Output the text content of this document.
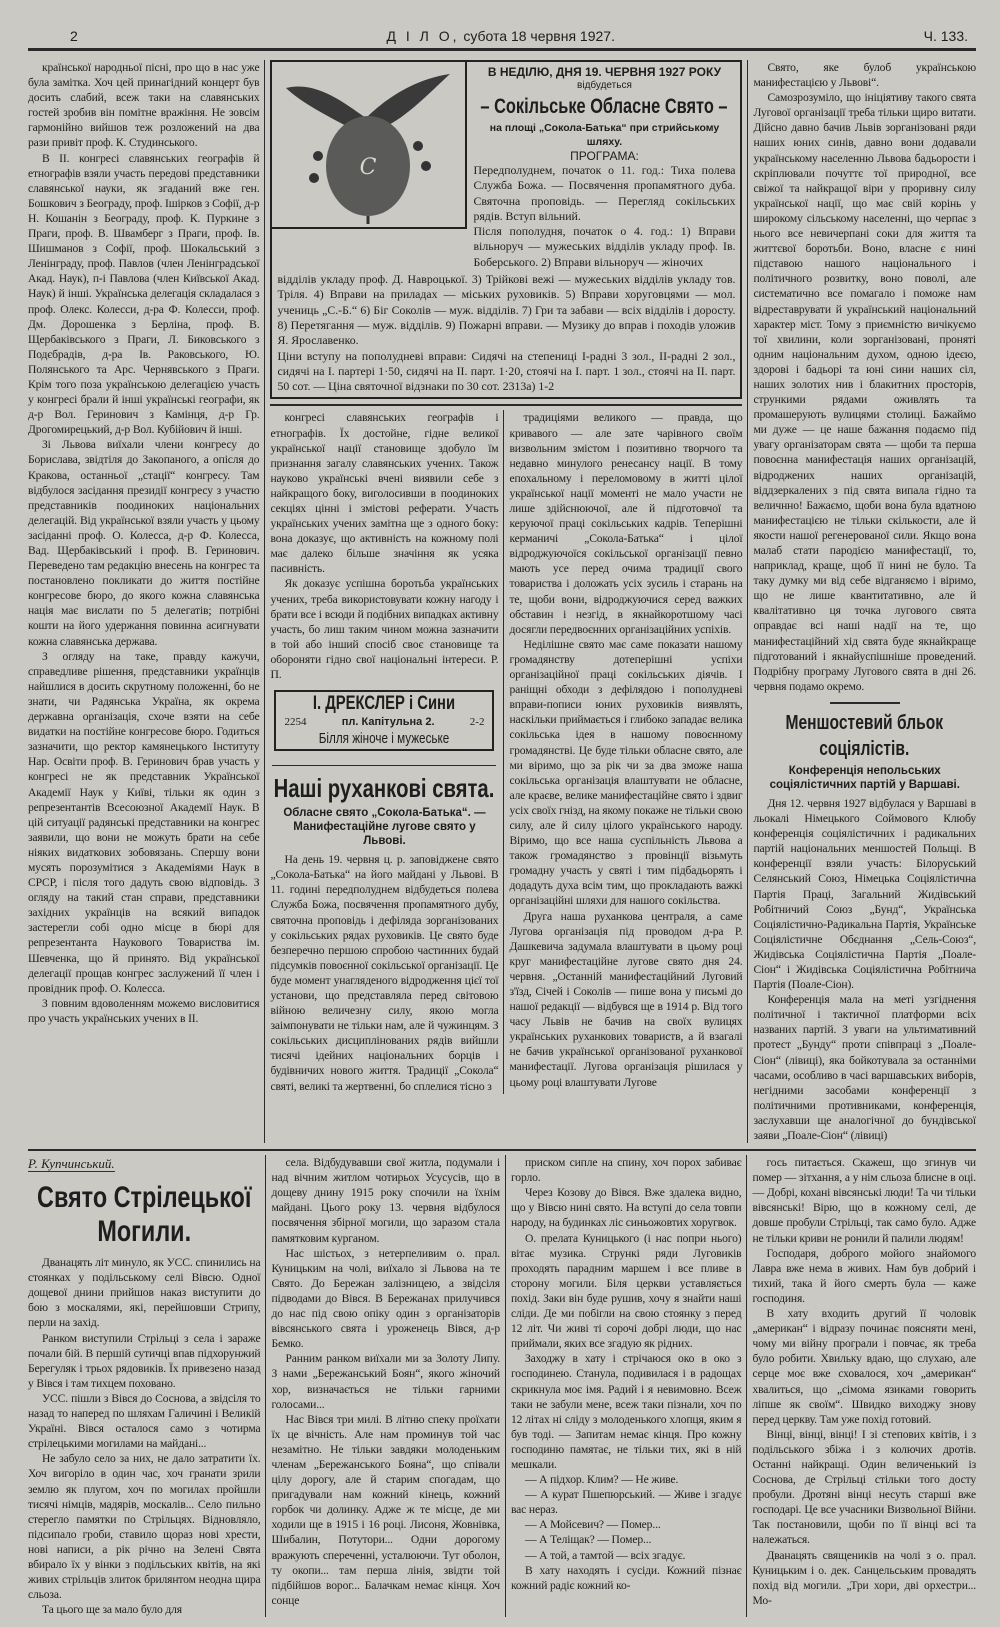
2	Д І Л О, субота 18 червня 1927.	Ч. 133.

країнської народньої пісні, про що в нас уже була замітка. Хоч цей принагідний концерт був досить слабий, всеж таки на славянських гостей зробив він помітне вражіння. Не зовсім гармонійно вийшов теж розложений на два рази привіт проф. К. Студинського.

В II. конгресі славянських географів й етнографів взяли участь передові представники славянської науки, як згаданий вже ген. Бошкович з Београду, проф. Ішірков з Софії, д-р Н. Кошанін з Београду, проф. К. Пуркине з Праги, проф. В. Швамберг з Праги, проф. Ів. Шишманов з Софії, проф. Шокальський з Ленінграду, проф. Павлов (член Ленінградської Акад. Наук), п-і Павлова (член Київської Акад. Наук) й інші. Українська делегація складалася з проф. Олекс. Колесси, д-ра Ф. Колесси, проф. Дм. Дорошенка з Берліна, проф. В. Щербаківського з Праги, Л. Биковського з Подєбрадів, д-ра Ів. Раковського, Ю. Полянського та Арс. Чернявського з Праги. Крім того поза українською делегацією участь у конгресі брали й інші українські географи, як д-р Вол. Геринович з Камінця, д-р Гр. Дрогомирецький, д-р Вол. Кубійович й інші.

Зі Львова виїхали члени конгресу до Борислава, звідтіля до Закопаного, а опісля до Кракова, останньої „стації“ конгресу. Там відбулося засідання президії конгресу з участю представників поодиноких національних делегацій. Від української взяли участь у цьому засіданні проф. О. Колесса, д-р Ф. Колесса, Вад. Щербаківський і проф. В. Геринович. Переведено там редакцію внесень на конгрес та постановлено покликати до життя постійне конгресове бюро, до якого кожна славянська нація має вислати по 5 делегатів; потрібні кошти на його удержання повинна асигнувати кожна славянська держава.

З огляду на таке, правду кажучи, справедливе рішення, представники українців найшлися в досить скрутному положенні, бо не знати, чи Радянська Україна, як окрема державна організація, схоче взяти на себе видатки на постійне конгресове бюро. Годиться зазначити, що ректор камянецького Інституту Нар. Освіти проф. В. Геринович брав участь у конгресі не як представник Української Академії Наук у Київі, тільки як один з репрезентантів Всесоюзної Академії Наук. В цій ситуації радянські представники на конгрес заявили, що вони не можуть брати на себе ніяких видаткових зобовязань. Спершу вони мусять порозумітися з Академіями Наук в СРСР, і після того дадуть свою відповідь. З огляду на такий стан справи, представники західних українців на всякий випадок застерегли собі одно місце в бюрі для репрезентанта Наукового Товариства ім. Шевченка, що й принято. Від української делегації прощав конгрес заслужений її член і провідник проф. О. Колесса.

З повним вдоволенням можемо висловитися про участь українських учених в II.

С
В НЕДІЛЮ, ДНЯ 19. ЧЕРВНЯ 1927 РОКУ
відбудеться
– Сокільське Обласне Свято –
на площі „Сокола-Батька“ при стрийському шляху.
ПРОГРАМА:
Передполуднем, початок о 11. год.: Тиха полева Служба Божа. — Посвячення пропамятного дуба. Святочна проповідь. — Перегляд сокільських рядів. Вступ вільний.
Після пополудня, початок о 4. год.: 1) Вправи вільноруч — мужеських відділів укладу проф. Ів. Боберського. 2) Вправи вільноруч — жіночих
відділів укладу проф. Д. Навроцької. 3) Трійкові вежі — мужеських відділів укладу тов. Тріля. 4) Вправи на приладах — міських руховиків. 5) Вправи хоруговцями — мол. учениць „С.-Б.“ 6) Біг Соколів — муж. відділів. 7) Гри та забави — всіх відділів і доросту. 8) Перетягання — муж. відділів. 9) Пожарні вправи. — Музику до вправ і походів уложив Я. Ярославенко.
Ціни вступу на пополудневі вправи: Сидячі на степениці I-радні 3 зол., II-радні 2 зол., сидячі на I. партері 1·50, сидячі на II. парт. 1·20, стоячі на I. парт. 1 зол., стоячі на II. парт. 50 сот. — Ціна святочної відзнаки по 30 сот. 2313а) 1-2

конгресі славянських географів і етнографів. Їх достойне, гідне великої української нації становище здобуло їм признання загалу славянських учених. Також науково українські вчені виявили себе з найкращого боку, виголосивши в поодиноких секціях цінні і змістові реферати. Участь українських учених замітна ще з одного боку: вона доказує, що активність на кожному полі має далеко більше значіння як усяка пасивність.

Як доказує успішна боротьба українських учених, треба використовувати кожну нагоду і брати все і всюди й подібних випадках активну участь, бо лиш таким чином можна зазначити в той або інший спосіб своє становище та обороняти гідно свої національні інтереси. Р. П.

І. ДРЕКСЛЕР і Сини
2254	пл. Капітульна 2.	2-2
Білля жіноче і мужеське
Наші руханкові свята.
Обласне свято „Сокола-Батька“. — Манифестаційне лугове свято у Львові.

На день 19. червня ц. р. заповіджене свято „Сокола-Батька“ на його майдані у Львові. В 11. годині передполуднем відбудеться полева Служба Божа, посвячення пропамятного дубу, святочна проповідь і дефіляда зорганізованих у сокільських рядах руховиків. Це свято буде безперечно першою спробою частинних будай підсумків повоєнної сокільської організації. Це буде момент унагляденого відродження цієї тої установи, що представляла перед світовою війною величезну силу, якою могла заімпонувати не тільки нам, але й чужинцям. З сокільських дисциплінованих рядів вийшли тисячі ідейних національних борців і будівничих нового життя. Традиції „Сокола“ святі, великі та жертвенні, бо сплелися тісно з

традиціями великого — правда, що кривавого — але зате чарівного своїм визвольним змістом і позитивно творчого та недавно минулого ренесансу нації. В тому епохальному і переломовому в житті цілої української нації моменті не мало участи не лише здійснюючої, але й підготовчої та керуючої праці сокільських кадрів. Теперішні керманичі „Сокола-Батька“ і цілої відроджуючоїся сокільської організації певно мають усе перед очима традиції свого товариства і доложать усіх зусиль і старань на те, щоби вони, відроджуючися серед важких обставин і незгід, в якнайкоротшому часі досягли передвоєнних організаційних успіхів.

Неділішне свято має саме показати нашому громадянству дотеперішні успіхи організаційної праці сокільських діячів. І раніщні обходи з дефілядою і пополудневі вправи-пописи юних руховиків виявлять, наскільки приймається і глибоко западає велика сокільська ідея в нашому повоєнному громадянстві. Це буде тільки обласне свято, але ми віримо, що за рік чи за два зможе наша сокільська організація влаштувати не обласне, але краєве, велике манифестаційне свято і здвиг усіх своїх гнізд, на якому покаже не тільки свою силу, але й силу цілого українського народу. Віримо, що все наша суспільність Львова а також громадянство з провінції візьмуть громадну участь у святі і тим підбадьорять і додадуть духа всім тим, що прокладають важкі організаційні шляхи для нашого сокільства.

Друга наша руханкова централя, а саме Лугова організація під проводом д-ра Р. Дашкевича задумала влаштувати в цьому році круг манифестаційне лугове свято дня 24. червня. „Останній манифестаційний Луговий з'їзд, Січей і Соколів — пише вона у письмі до нашої редакції — відбувся ще в 1914 р. Від того часу Львів не бачив на своїх вулицях українських руханкових товариств, а й взагалі не бачив української організованої руханкової манифестації. Лугова організація рішилася у цьому році влаштувати Лугове

Свято, яке булоб українською манифестацією у Львові“.

Самозрозуміло, що ініціятиву такого свята Лугової організації треба тільки щиро витати. Дійсно давно бачив Львів зорганізовані ряди наших юних синів, давно вони додавали українському населенню Львова бадьорости і скріплювали почуттє тої природної, все свіжої та найкращої віри у проривну силу української нації, що має свій корінь у широкому сільському населенні, що черпає з нього все невичерпані соки для життя та життєвої боротьби. Воно, власне є нині підставою нашого національного і політичного розвитку, воно поволі, але систематично все помагало і поможе нам відреставрувати й український національний характер міст. Тому з приємністю вичікуємо тої хвилини, коли зорганізовані, проняті одним національним духом, одною ідеєю, здорові і бадьорі та юні сини наших сіл, наших золотих нив і блакитних просторів, стрункими рядами оживлять та промашерують вулицями столиці. Бажаймо ми дуже — це наше бажання подаємо під увагу організаторам свята — щоби та перша повоєнна манифестація наших організацій, відроджених наших організацій, віддзеркалених з під свята випала гідно та величнно! Бажаємо, щоби вона була вдатною манифестацією не тільки скількости, але й якости нашої регенерованої сили. Якщо вона малаб стати пародією манифестації, то, наприклад, краще, щоб її нині не було. Та таку думку ми від себе відганяємо і віримо, що не лише квантитативно, але й квалітативно ця точка лугового свята оправдає всі наші надії на те, що манифестаційний хід свята буде якнайкраще підготований і якнайуспішніше проведений. Подрібну програму Лугового свята в дні 26. червня подамо окремо.

Меншостевий бльок соціялістів.
Конференція непольських соціялістичних партій у Варшаві.

Дня 12. червня 1927 відбулася у Варшаві в льокалі Німецького Соймового Клюбу конференція соціялістичних і радикальних партій національних меншостей Польщі. В конференції взяли участь: Білоруський Селянський Союз, Німецька Соціялістична Партія Праці, Загальний Жидівський Робітничий Союз „Бунд“, Українська Соціялістично-Радикальна Партія, Українське Соціялістичне Обєднання „Сель-Союз“, Жидівська Соціялістична Партія „Поале-Сіон“ і Жидівська Соціялістична Робітнича Партія (Поале-Сіон).

Конференція мала на меті узгіднення політичної і тактичної платформи всіх названих партій. З уваги на ультимативний протест „Бунду“ проти співпраці з „Поале-Сіон“ (лівиці), яка бойкотувала за останніми часами, особливо в часі варшавських виборів, негідними засобами конференції з політичними противниками, конференція, заслухавши ще аналогічної до бундівської заяви „Поале-Сіон“ (лівиці)

Р. Купчинський.
Свято Стрілецької Могили.

Дванацять літ минуло, як УСС. спинились на стоянках у подільському селі Вівсю. Одної дощевої днини прийшов наказ виступити до бою з москалями, які, перейшовши Стрипу, перли на захід.

Ранком виступили Стрільці з села і зараже почали бій. В першій сутичці впав підхорунжий Берегуляк і трьох рядовиків. Їх привезено назад у Вівся і там тихцем поховано.

УСС. пішли з Вівся до Соснова, а звідсіля то назад то наперед по шляхам Галичині і Великій Україні. Вівся осталося само з чотирма стрілецькими могилами на майдані...

Не забуло село за них, не дало затратити їх. Хоч вигоріло в один час, хоч гранати зрили землю як плугом, хоч по могилах пройшли тисячі німців, мадярів, москалів... Село пильно стерегло памятки по Стрільцях. Відновляло, підсипало гроби, ставило щораз нові хрести, нові написи, а рік річно на Зелені Свята вбирало їх у вінки з подільських квітів, на які живих стрільців злиток брилянтом неодна щира сльоза.

Та цього ще за мало було для

села. Відбудувавши свої житла, подумали і над вічним житлом чотирьох Усусусів, що в дощеву днину 1915 року спочили на їхнім майдані. Цього року 13. червня відбулося посвячення збірної могили, що заразом стала памятковим курганом.

Нас шістьох, з нетерпеливим о. прал. Куницьким на чолі, виїхало зі Львова на те Свято. До Бережан залізницею, а звідсіля підводами до Вівся. В Бережанах прилучився до нас під свою опіку один з організаторів вівсянського свята і уроженець Вівся, д-р Бемко.

Ранним ранком виїхали ми за Золоту Липу. З нами „Бережанський Боян“, якого жіночий хор, визначається не тільки гарними голосами...

Нас Вівся три милі. В літню спеку проїхати їх це вічність. Але нам проминув той час незамітно. Не тільки завдяки молоденьким членам „Бережанського Бояна“, що співали цілу дорогу, але й старим спогадам, що пригадували нам кожний кінець, кожний горбок чи долинку. Адже ж те місце, де ми ходили ще в 1915 і 16 році. Лисоня, Жовнівка, Шибалин, Потутори... Одни дорогому вражують спереченні, усталюючи. Тут оболон, ту окопи... там перша лінія, звідти той підбійшов ворог... Балачкам немає кінця. Хоч сонце

приском сипле на спину, хоч порох забиває горло.

Через Козову до Вівся. Вже здалека видно, що у Вівсю нині свято. На вступі до села товпи народу, на будинках ліс синьожовтих хоругвок.

О. прелата Куницького (і нас попри нього) вітає музика. Стрункі ряди Луговиків проходять парадним маршем і все пливе в сторону могили. Біля церкви уставляється похід. Заки він буде рушив, хочу я знайти наші сліди. Де ми побігли на свою стоянку з перед 12 літ. Чи живі ті сорочі добрі люди, що нас приймали, яких все згадую як рідних.

Заходжу в хату і стрічаюся око в око з господинею. Станула, подивилася і в радощах скрикнула моє імя. Радий і я невимовно. Всеж таки не забули мене, всеж таки пізнали, хоч по 12 літах ні сліду з молоденького хлопця, яким я був тоді. — Запитам немає кінця. Про кожну господиню памятає, не тільки тих, які в ній мешкали.

— А підхор. Клим? — Не живе.

— А курат Пшепюрський. — Живе і згадує вас нераз.

— А Мойсевич? — Помер...

— А Теліщак? — Помер...

— А той, а тамтой — всіх згадує.

В хату находять і сусіди. Кожний пізнає кожний радіє кожний ко-

гось питається. Скажеш, що згинув чи помер — зітхання, а у нім сльоза блисне в оці. — Добрі, кохані вівсянські люди! Та чи тільки вівсянські! Вірю, що в кожному селі, де довше пробули Стрільці, так само було. Адже не тільки криви не ронили й палили людям!

Господаря, доброго мойого знайомого Лавра вже нема в живих. Нам був добрий і тихий, така й його смерть була — каже господиня.

В хату входить другий її чоловік „американ“ і відразу починає поясняти мені, чому ми війну програли і повчає, як треба було робити. Хвильку вдаю, що слухаю, але серце моє вже сховалося, хоч „американ“ хвалиться, що „сімома язиками говорить ліпше як своїм“. Швидко виходжу знову перед церкву. Там уже похід готовий.

Вінці, вінці, вінці! І зі степових квітів, і з подільського збіжа і з колючих дротів. Останні найкращі. Один величенький із Соснова, де Стрільці стільки того досту пробули. Дротяні вінці несуть старші вже господарі. Це все учасники Визвольної Війни. Так постановили, щоби по її вінці всі та належаться.

Дванацять священиків на чолі з о. прал. Куницьким і о. дек. Санцельським провадять похід від могили. „Три хори, дві орхестри... Мо-
